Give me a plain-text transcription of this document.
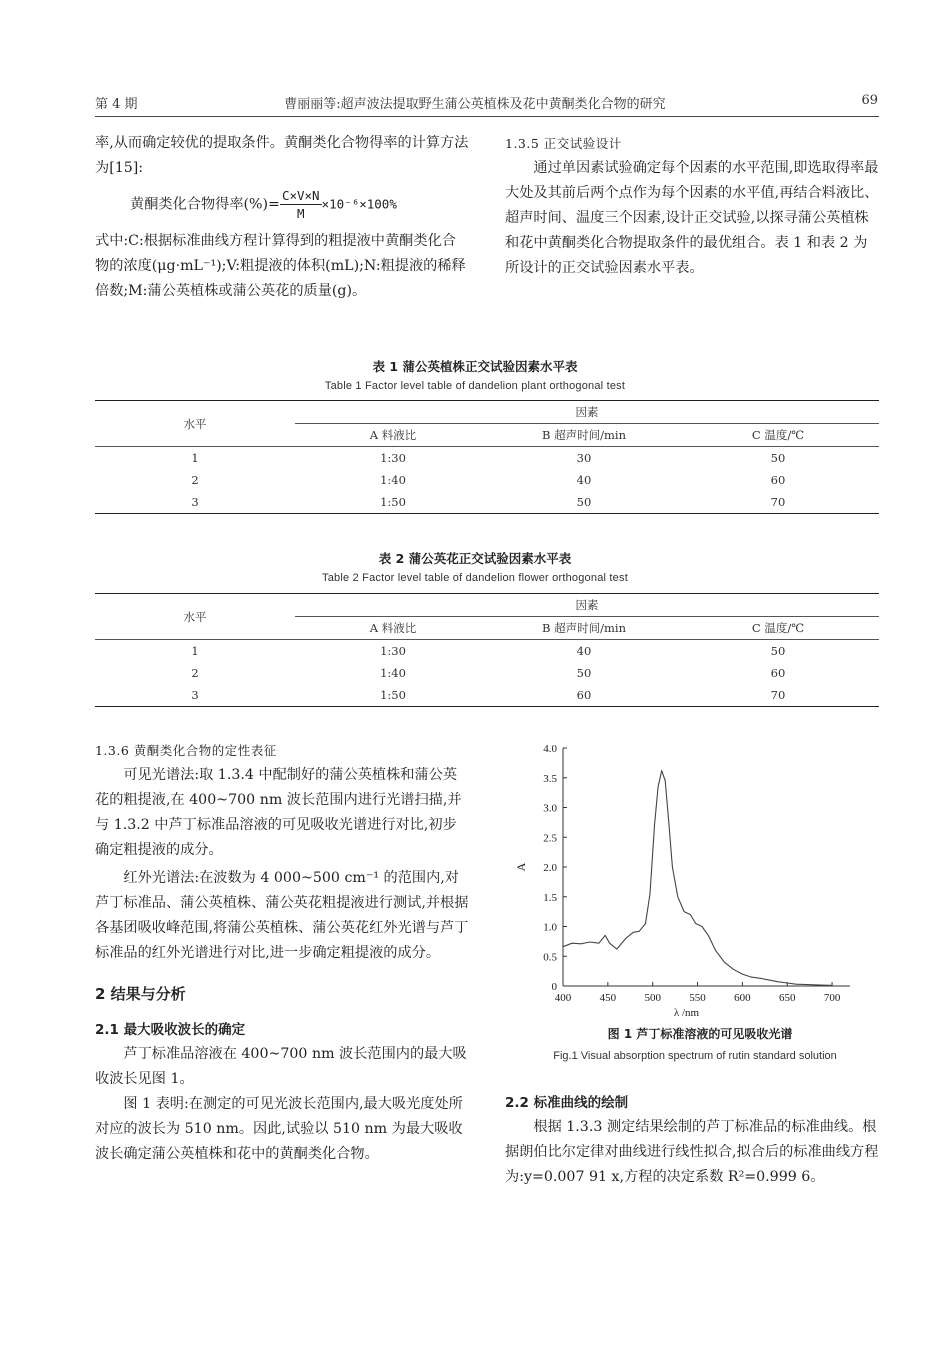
第 4 期	曹丽丽等:超声波法提取野生蒲公英植株及花中黄酮类化合物的研究	69

率,从而确定较优的提取条件。黄酮类化合物得率的计算方法为[15]:

黄酮类化合物得率(%)= $\frac{C\times V\times N}{M} \times 10^{-6}\times 100\%$

式中:C:根据标准曲线方程计算得到的粗提液中黄酮类化合物的浓度(μg·mL⁻¹);V:粗提液的体积(mL);N:粗提液的稀释倍数;M:蒲公英植株或蒲公英花的质量(g)。

1.3.5 正交试验设计

通过单因素试验确定每个因素的水平范围,即选取得率最大处及其前后两个点作为每个因素的水平值,再结合料液比、超声时间、温度三个因素,设计正交试验,以探寻蒲公英植株和花中黄酮类化合物提取条件的最优组合。表 1 和表 2 为所设计的正交试验因素水平表。

表 1 蒲公英植株正交试验因素水平表
Table 1 Factor level table of dandelion plant orthogonal test
水平	因素		
	A 料液比	B 超声时间/min	C 温度/℃
1	1:30	30	50
2	1:40	40	60
3	1:50	50	70
表 2 蒲公英花正交试验因素水平表
Table 2 Factor level table of dandelion flower orthogonal test
水平	因素		
	A 料液比	B 超声时间/min	C 温度/℃
1	1:30	40	50
2	1:40	50	60
3	1:50	60	70

1.3.6 黄酮类化合物的定性表征

可见光谱法:取 1.3.4 中配制好的蒲公英植株和蒲公英花的粗提液,在 400~700 nm 波长范围内进行光谱扫描,并与 1.3.2 中芦丁标准品溶液的可见吸收光谱进行对比,初步确定粗提液的成分。

红外光谱法:在波数为 4 000~500 cm⁻¹ 的范围内,对芦丁标准品、蒲公英植株、蒲公英花粗提液进行测试,并根据各基团吸收峰范围,将蒲公英植株、蒲公英花红外光谱与芦丁标准品的红外光谱进行对比,进一步确定粗提液的成分。

2 结果与分析

2.1 最大吸收波长的确定

芦丁标准品溶液在 400~700 nm 波长范围内的最大吸收波长见图 1。

图 1 表明:在测定的可见光波长范围内,最大吸光度处所对应的波长为 510 nm。因此,试验以 510 nm 为最大吸收波长确定蒲公英植株和花中的黄酮类化合物。

0
0.5
1.0
1.5
2.0
2.5
3.0
3.5
4.0
400	450	500	550	600	650	700
λ /nm
A
图 1 芦丁标准溶液的可见吸收光谱
Fig.1 Visual absorption spectrum of rutin standard solution

2.2 标准曲线的绘制

根据 1.3.3 测定结果绘制的芦丁标准品的标准曲线。根据朗伯比尔定律对曲线进行线性拟合,拟合后的标准曲线方程为:y=0.007 91 x,方程的决定系数 R²=0.999 6。
